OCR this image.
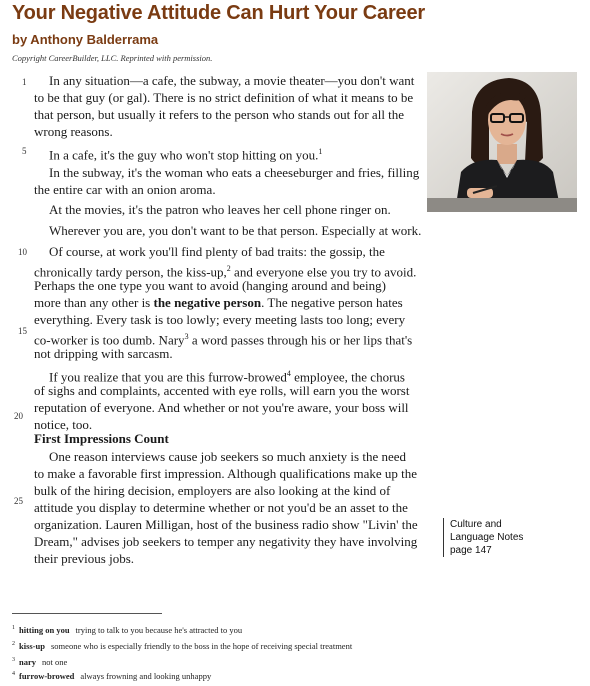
Your Negative Attitude Can Hurt Your Career
by Anthony Balderrama
Copyright CareerBuilder, LLC. Reprinted with permission.
1
5
10
15
20
25
In any situation—a cafe, the subway, a movie theater—you don't want
to be that guy (or gal). There is no strict definition of what it means to be
that person, but usually it refers to the person who stands out for all the
wrong reasons.
In a cafe, it's the guy who won't stop hitting on you.$^1$
In the subway, it's the woman who eats a cheeseburger and fries, filling
the entire car with an onion aroma.
At the movies, it's the patron who leaves her cell phone ringer on.
Wherever you are, you don't want to be that person. Especially at work.
Of course, at work you'll find plenty of bad traits: the gossip, the
chronically tardy person, the kiss-up,$^2$ and everyone else you try to avoid.
Perhaps the one type you want to avoid (hanging around and being)
more than any other is the negative person. The negative person hates
everything. Every task is too lowly; every meeting lasts too long; every
co-worker is too dumb. Nary$^3$ a word passes through his or her lips that's
not dripping with sarcasm.
If you realize that you are this furrow-browed$^4$ employee, the chorus
of sighs and complaints, accented with eye rolls, will earn you the worst
reputation of everyone. And whether or not you're aware, your boss will
notice, too.
First Impressions Count
One reason interviews cause job seekers so much anxiety is the need
to make a favorable first impression. Although qualifications make up the
bulk of the hiring decision, employers are also looking at the kind of
attitude you display to determine whether or not you'd be an asset to the
organization. Lauren Milligan, host of the business radio show "Livin' the
Dream," advises job seekers to temper any negativity they have involving
their previous jobs.
Culture and
Language Notes
page 147
$^1$ hitting on you trying to talk to you because he's attracted to you
$^2$ kiss-up someone who is especially friendly to the boss in the hope of receiving special treatment
$^3$ nary not one
$^4$ furrow-browed always frowning and looking unhappy
